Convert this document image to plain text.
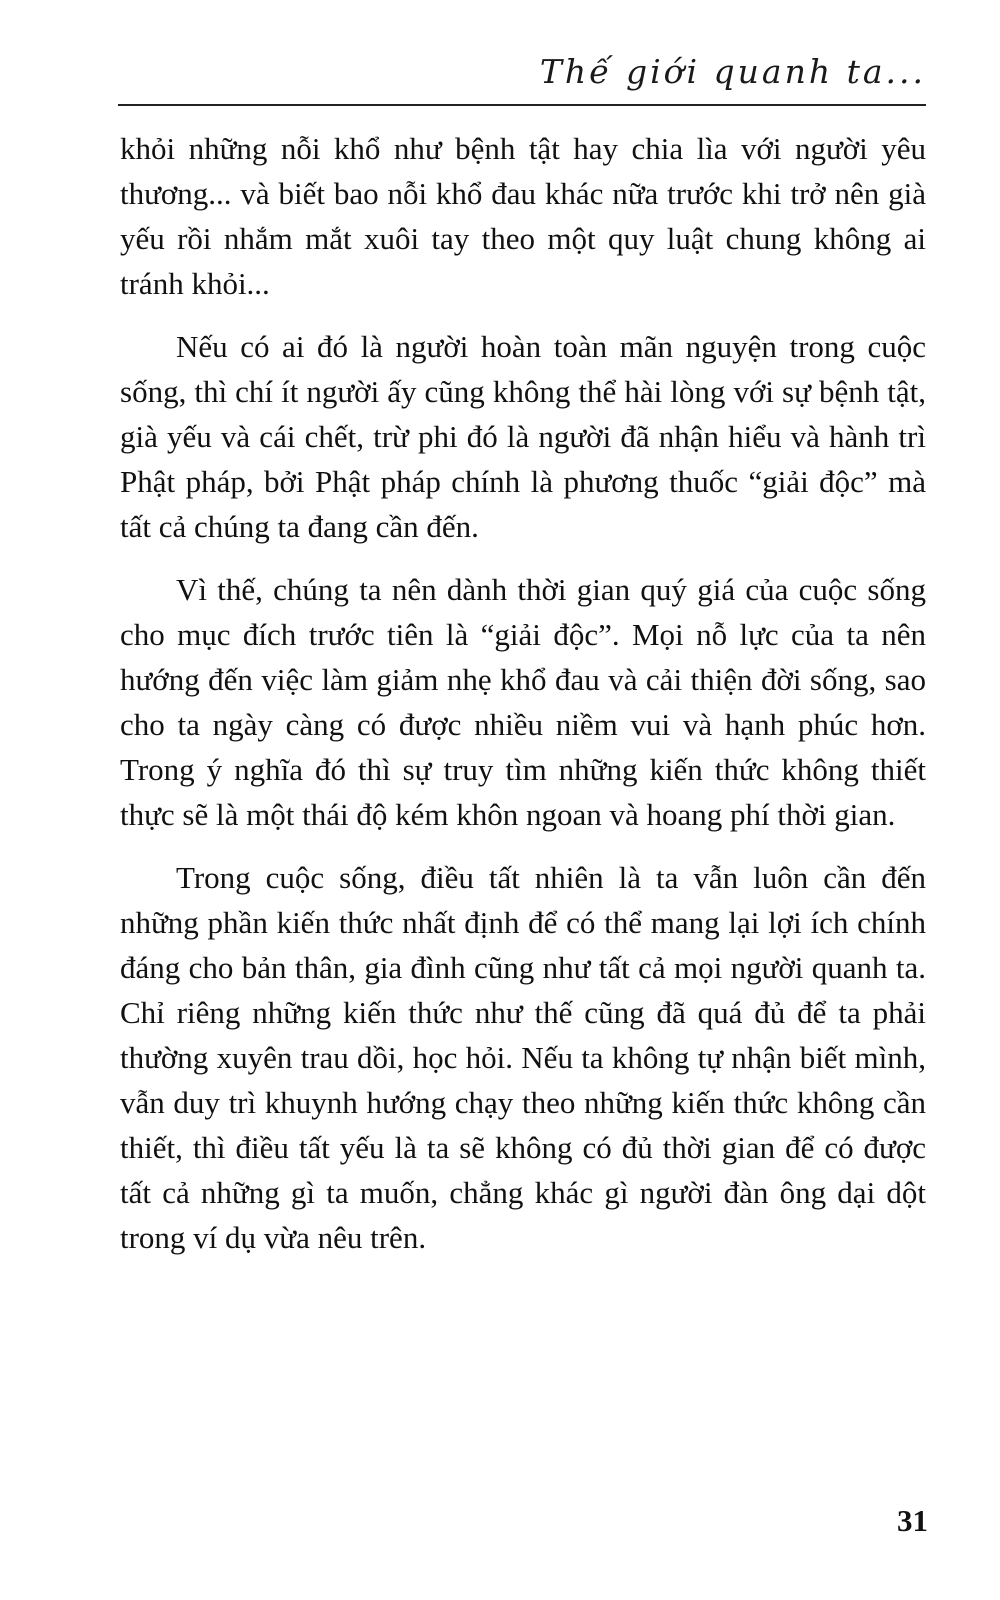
Thế giới quanh ta...

khỏi những nỗi khổ như bệnh tật hay chia lìa với người yêu thương... và biết bao nỗi khổ đau khác nữa trước khi trở nên già yếu rồi nhắm mắt xuôi tay theo một quy luật chung không ai tránh khỏi...

Nếu có ai đó là người hoàn toàn mãn nguyện trong cuộc sống, thì chí ít người ấy cũng không thể hài lòng với sự bệnh tật, già yếu và cái chết, trừ phi đó là người đã nhận hiểu và hành trì Phật pháp, bởi Phật pháp chính là phương thuốc “giải độc” mà tất cả chúng ta đang cần đến.

Vì thế, chúng ta nên dành thời gian quý giá của cuộc sống cho mục đích trước tiên là “giải độc”. Mọi nỗ lực của ta nên hướng đến việc làm giảm nhẹ khổ đau và cải thiện đời sống, sao cho ta ngày càng có được nhiều niềm vui và hạnh phúc hơn. Trong ý nghĩa đó thì sự truy tìm những kiến thức không thiết thực sẽ là một thái độ kém khôn ngoan và hoang phí thời gian.

Trong cuộc sống, điều tất nhiên là ta vẫn luôn cần đến những phần kiến thức nhất định để có thể mang lại lợi ích chính đáng cho bản thân, gia đình cũng như tất cả mọi người quanh ta. Chỉ riêng những kiến thức như thế cũng đã quá đủ để ta phải thường xuyên trau dồi, học hỏi. Nếu ta không tự nhận biết mình, vẫn duy trì khuynh hướng chạy theo những kiến thức không cần thiết, thì điều tất yếu là ta sẽ không có đủ thời gian để có được tất cả những gì ta muốn, chẳng khác gì người đàn ông dại dột trong ví dụ vừa nêu trên.

31
